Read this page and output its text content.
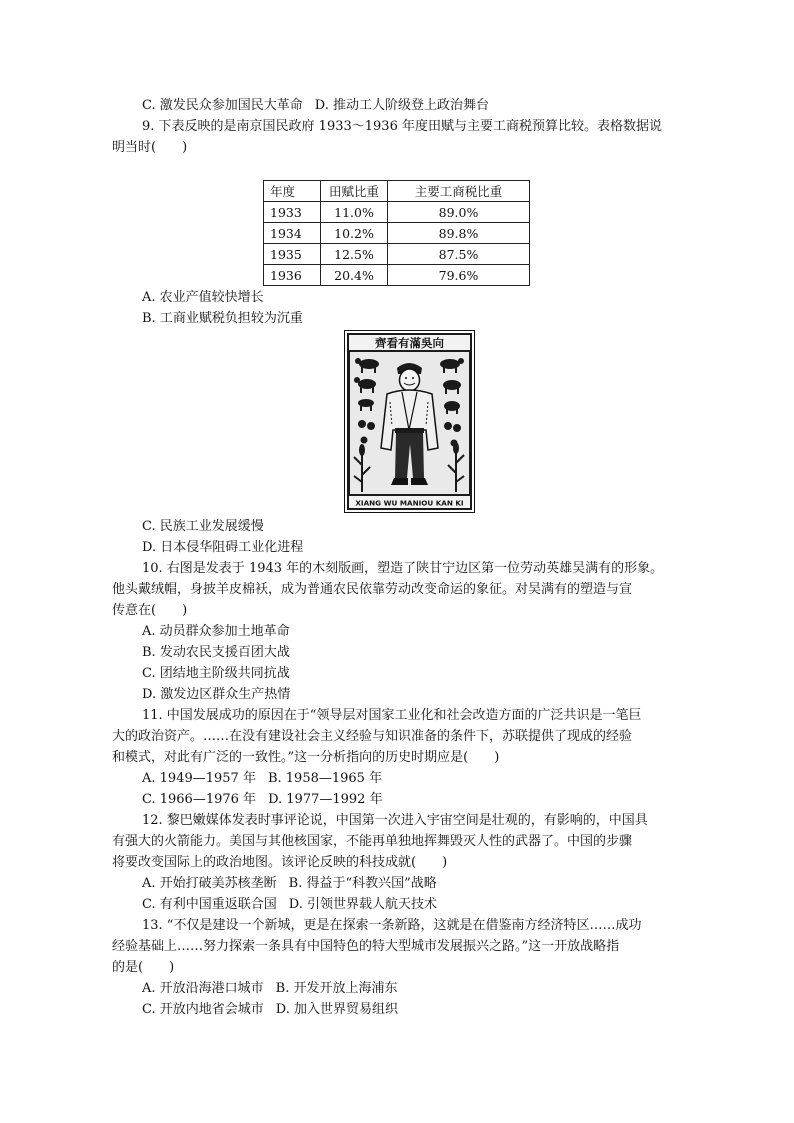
C. 激发民众参加国民大革命 D. 推动工人阶级登上政治舞台

9. 下表反映的是南京国民政府 1933～1936 年度田赋与主要工商税预算比较。表格数据说

明当时(　　)

年度	田赋比重	主要工商税比重
1933	11.0%	89.0%
1934	10.2%	89.8%
1935	12.5%	87.5%
1936	20.4%	79.6%

A. 农业产值较快增长

B. 工商业赋税负担较为沉重

齊看有滿吳向
XIANG WU MANIOU KAN KI

C. 民族工业发展缓慢

D. 日本侵华阻碍工业化进程

10. 右图是发表于 1943 年的木刻版画，塑造了陕甘宁边区第一位劳动英雄吴满有的形象。

他头戴绒帽，身披羊皮棉袄，成为普通农民依靠劳动改变命运的象征。对吴满有的塑造与宣

传意在(　　)

A. 动员群众参加土地革命

B. 发动农民支援百团大战

C. 团结地主阶级共同抗战

D. 激发边区群众生产热情

11. 中国发展成功的原因在于“领导层对国家工业化和社会改造方面的广泛共识是一笔巨

大的政治资产。……在没有建设社会主义经验与知识准备的条件下，苏联提供了现成的经验

和模式，对此有广泛的一致性。”这一分析指向的历史时期应是(　　)

A. 1949—1957 年 B. 1958—1965 年

C. 1966—1976 年 D. 1977—1992 年

12. 黎巴嫩媒体发表时事评论说，中国第一次进入宇宙空间是壮观的，有影响的，中国具

有强大的火箭能力。美国与其他核国家，不能再单独地挥舞毁灭人性的武器了。中国的步骤

将要改变国际上的政治地图。该评论反映的科技成就(　　)

A. 开始打破美苏核垄断 B. 得益于“科教兴国”战略

C. 有利中国重返联合国 D. 引领世界载人航天技术

13. “不仅是建设一个新城，更是在探索一条新路，这就是在借鉴南方经济特区……成功

经验基础上……努力探索一条具有中国特色的特大型城市发展振兴之路。”这一开放战略指

的是(　　)

A. 开放沿海港口城市 B. 开发开放上海浦东

C. 开放内地省会城市 D. 加入世界贸易组织
